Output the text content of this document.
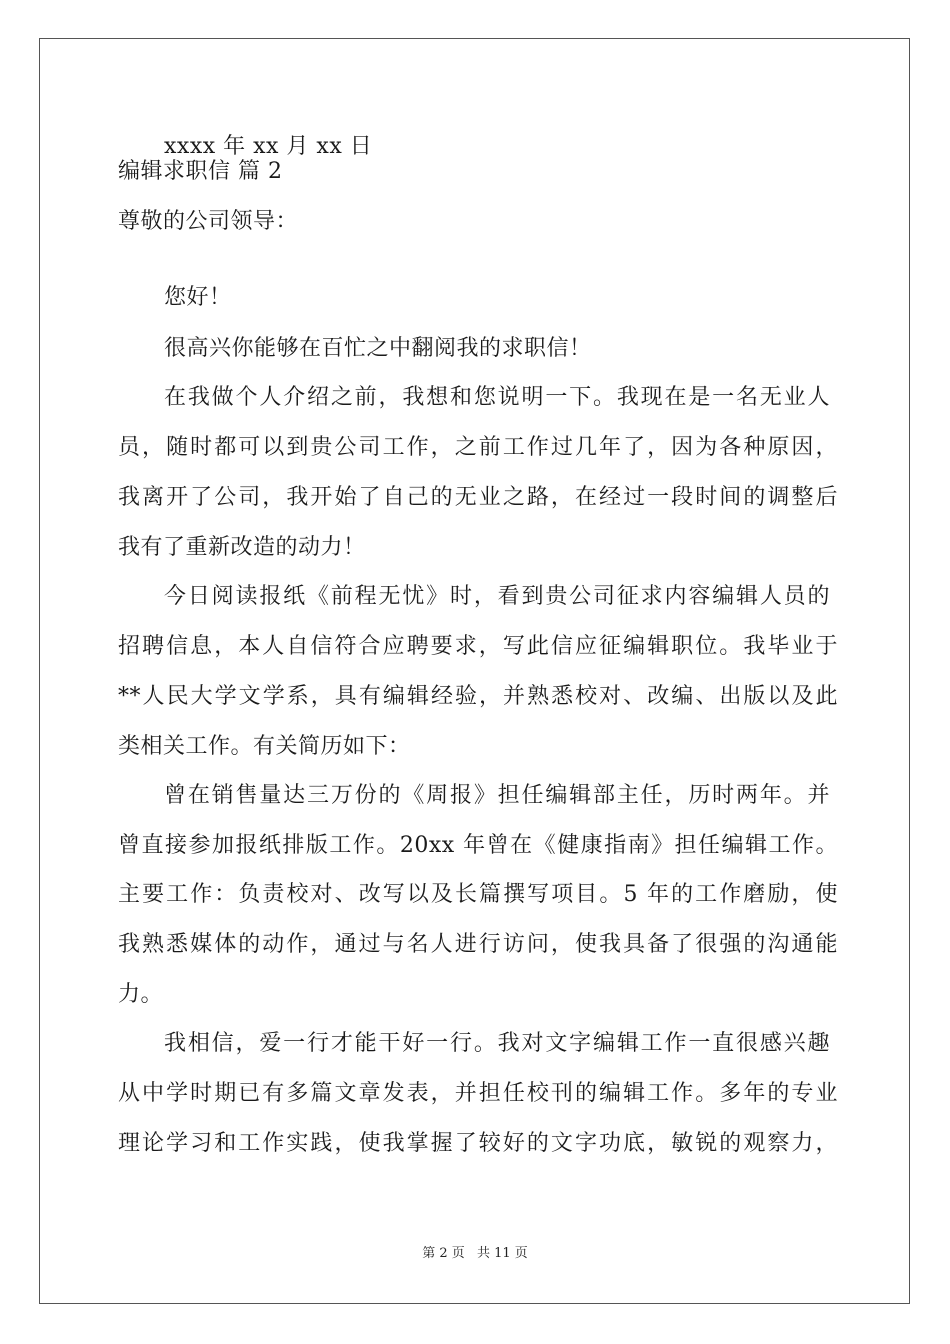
xxxx 年 xx 月 xx 日
编辑求职信 篇 2
尊敬的公司领导：
您好！
很高兴你能够在百忙之中翻阅我的求职信！
在我做个人介绍之前，我想和您说明一下。我现在是一名无业人
员，随时都可以到贵公司工作，之前工作过几年了，因为各种原因，
我离开了公司，我开始了自己的无业之路，在经过一段时间的调整后
我有了重新改造的动力！
今日阅读报纸《前程无忧》时，看到贵公司征求内容编辑人员的
招聘信息，本人自信符合应聘要求，写此信应征编辑职位。我毕业于
**人民大学文学系，具有编辑经验，并熟悉校对、改编、出版以及此
类相关工作。有关简历如下：
曾在销售量达三万份的《周报》担任编辑部主任，历时两年。并
曾直接参加报纸排版工作。20xx 年曾在《健康指南》担任编辑工作。
主要工作：负责校对、改写以及长篇撰写项目。5 年的工作磨励，使
我熟悉媒体的动作，通过与名人进行访问，使我具备了很强的沟通能
力。
我相信，爱一行才能干好一行。我对文字编辑工作一直很感兴趣
从中学时期已有多篇文章发表，并担任校刊的编辑工作。多年的专业
理论学习和工作实践，使我掌握了较好的文字功底，敏锐的观察力，
第 2 页 共 11 页
